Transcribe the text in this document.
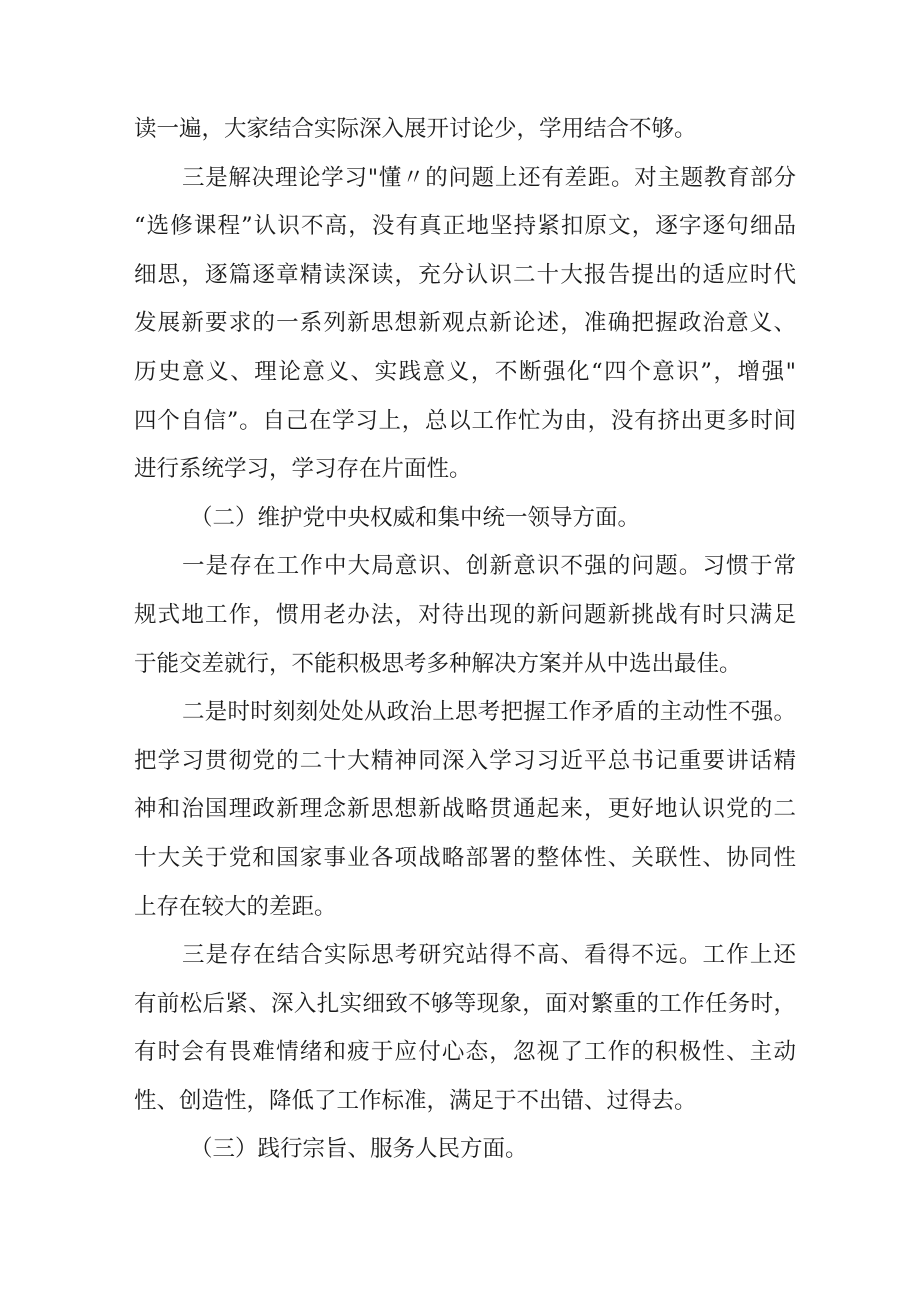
读一遍，大家结合实际深入展开讨论少，学用结合不够。
三是解决理论学习"懂〃的问题上还有差距。对主题教育部分
“选修课程”认识不高，没有真正地坚持紧扣原文，逐字逐句细品
细思，逐篇逐章精读深读，充分认识二十大报告提出的适应时代
发展新要求的一系列新思想新观点新论述，准确把握政治意义、
历史意义、理论意义、实践意义，不断强化“四个意识”，增强"
四个自信”。自己在学习上，总以工作忙为由，没有挤出更多时间
进行系统学习，学习存在片面性。
（二）维护党中央权威和集中统一领导方面。
一是存在工作中大局意识、创新意识不强的问题。习惯于常
规式地工作，惯用老办法，对待出现的新问题新挑战有时只满足
于能交差就行，不能积极思考多种解决方案并从中选出最佳。
二是时时刻刻处处从政治上思考把握工作矛盾的主动性不强。
把学习贯彻党的二十大精神同深入学习习近平总书记重要讲话精
神和治国理政新理念新思想新战略贯通起来，更好地认识党的二
十大关于党和国家事业各项战略部署的整体性、关联性、协同性
上存在较大的差距。
三是存在结合实际思考研究站得不高、看得不远。工作上还
有前松后紧、深入扎实细致不够等现象，面对繁重的工作任务时，
有时会有畏难情绪和疲于应付心态，忽视了工作的积极性、主动
性、创造性，降低了工作标准，满足于不出错、过得去。
（三）践行宗旨、服务人民方面。
